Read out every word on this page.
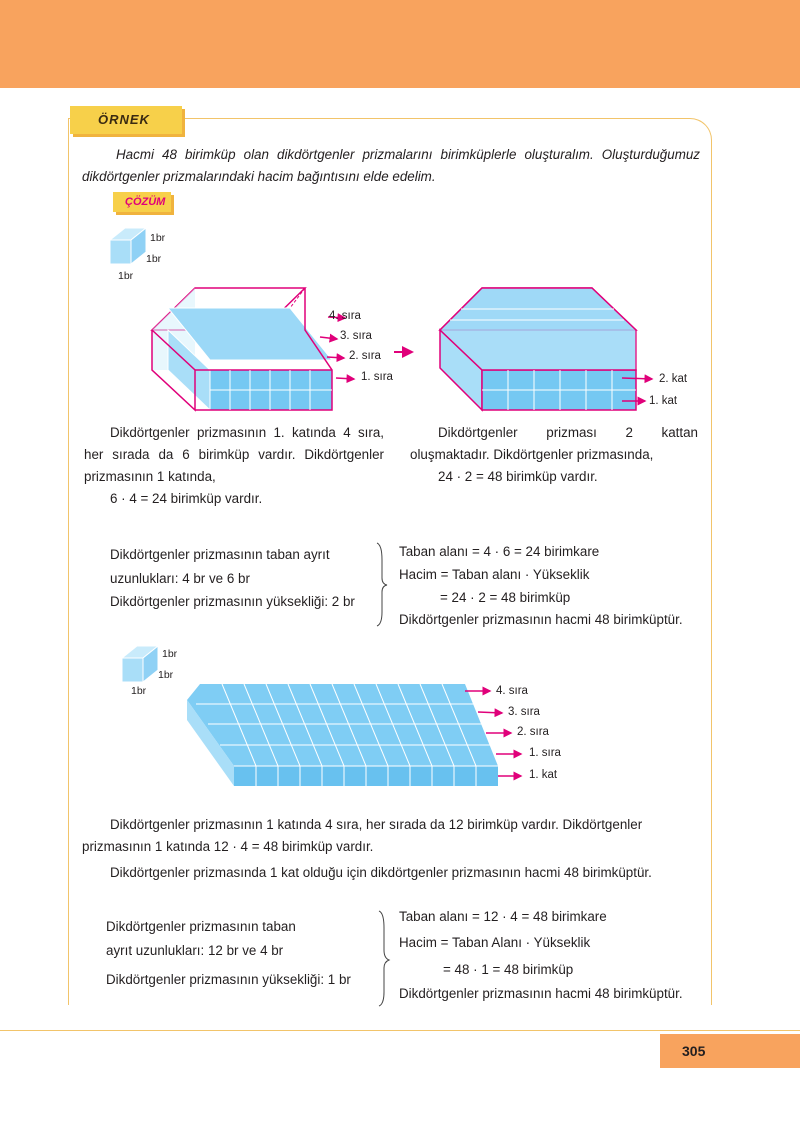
ÖRNEK

Hacmi 48 birimküp olan dikdörtgenler prizmalarını birimküplerle oluşturalım. Oluşturduğumuz dikdörtgenler prizmalarındaki hacim bağıntısını elde edelim.

ÇÖZÜM
1br
1br
1br
4. sıra
3. sıra
2. sıra
1. sıra	2. kat
1. kat

Dikdörtgenler prizmasının 1. katında 4 sıra, her sırada da 6 birimküp vardır. Dikdörtgenler prizmasının 1 katında,

6 · 4 = 24 birimküp vardır.

Dikdörtgenler prizması 2 kattan oluşmaktadır. Dikdörtgenler prizmasında,

24 · 2 = 48 birimküp vardır.

Dikdörtgenler prizmasının taban ayrıt

uzunlukları: 4 br ve 6 br

Dikdörtgenler prizmasının yüksekliği: 2 br

Taban alanı = 4 · 6 = 24 birimkare

Hacim = Taban alanı · Yükseklik

= 24 · 2 = 48 birimküp

Dikdörtgenler prizmasının hacmi 48 birimküptür.

1br
1br
1br	4. sıra
3. sıra
2. sıra
1. sıra
1. kat

Dikdörtgenler prizmasının 1 katında 4 sıra, her sırada da 12 birimküp vardır. Dikdörtgenler prizmasının 1 katında 12 · 4 = 48 birimküp vardır.

Dikdörtgenler prizmasında 1 kat olduğu için dikdörtgenler prizmasının hacmi 48 birimküptür.

Dikdörtgenler prizmasının taban

ayrıt uzunlukları: 12 br ve 4 br

Dikdörtgenler prizmasının yüksekliği: 1 br

Taban alanı = 12 · 4 = 48 birimkare

Hacim = Taban Alanı · Yükseklik

= 48 · 1 = 48 birimküp

Dikdörtgenler prizmasının hacmi 48 birimküptür.

305
